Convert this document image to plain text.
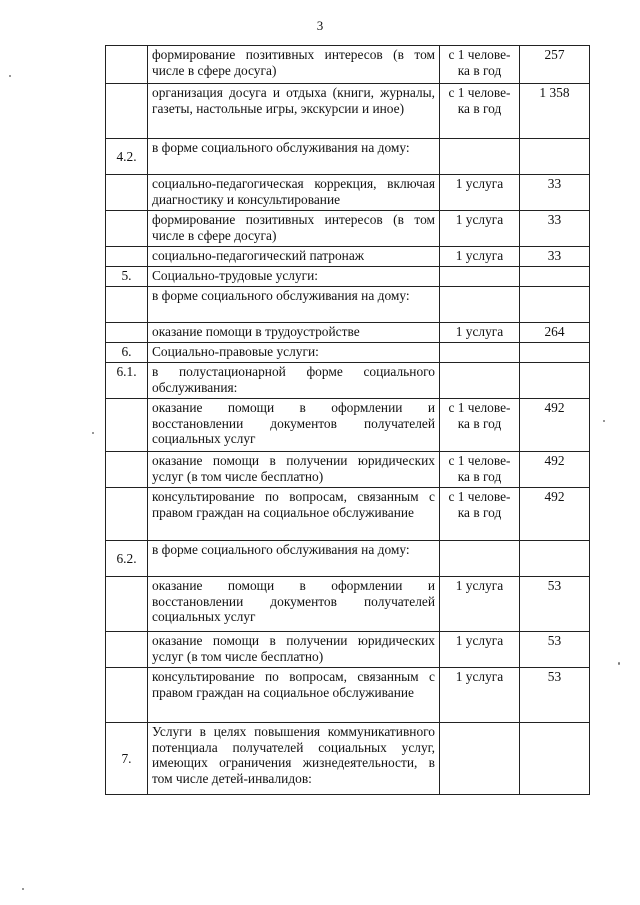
3
	формирование позитивных интересов (в том числе в сфере досуга)	с 1 челове-ка в год	257
	организация досуга и отдыха (книги, журналы, газеты, настольные игры, экскурсии и иное)	с 1 челове-ка в год	1 358
4.2.	в форме социального обслуживания на дому:		
	социально-педагогическая коррекция, включая диагностику и консультирование	1 услуга	33
	формирование позитивных интересов (в том числе в сфере досуга)	1 услуга	33
	социально-педагогический патронаж	1 услуга	33
5.	Социально-трудовые услуги:		
	в форме социального обслуживания на дому:		
	оказание помощи в трудоустройстве	1 услуга	264
6.	Социально-правовые услуги:		
6.1.	в полустационарной форме социального обслуживания:		
	оказание помощи в оформлении и восстановлении документов получателей социальных услуг	с 1 челове-ка в год	492
	оказание помощи в получении юридических услуг (в том числе бесплатно)	с 1 челове-ка в год	492
	консультирование по вопросам, связанным с правом граждан на социальное обслуживание	с 1 челове-ка в год	492
6.2.	в форме социального обслуживания на дому:		
	оказание помощи в оформлении и восстановлении документов получателей социальных услуг	1 услуга	53
	оказание помощи в получении юридических услуг (в том числе бесплатно)	1 услуга	53
	консультирование по вопросам, связанным с правом граждан на социальное обслуживание	1 услуга	53
7.	Услуги в целях повышения коммуникативного потенциала получателей социальных услуг, имеющих ограничения жизнедеятельности, в том числе детей-инвалидов:		
